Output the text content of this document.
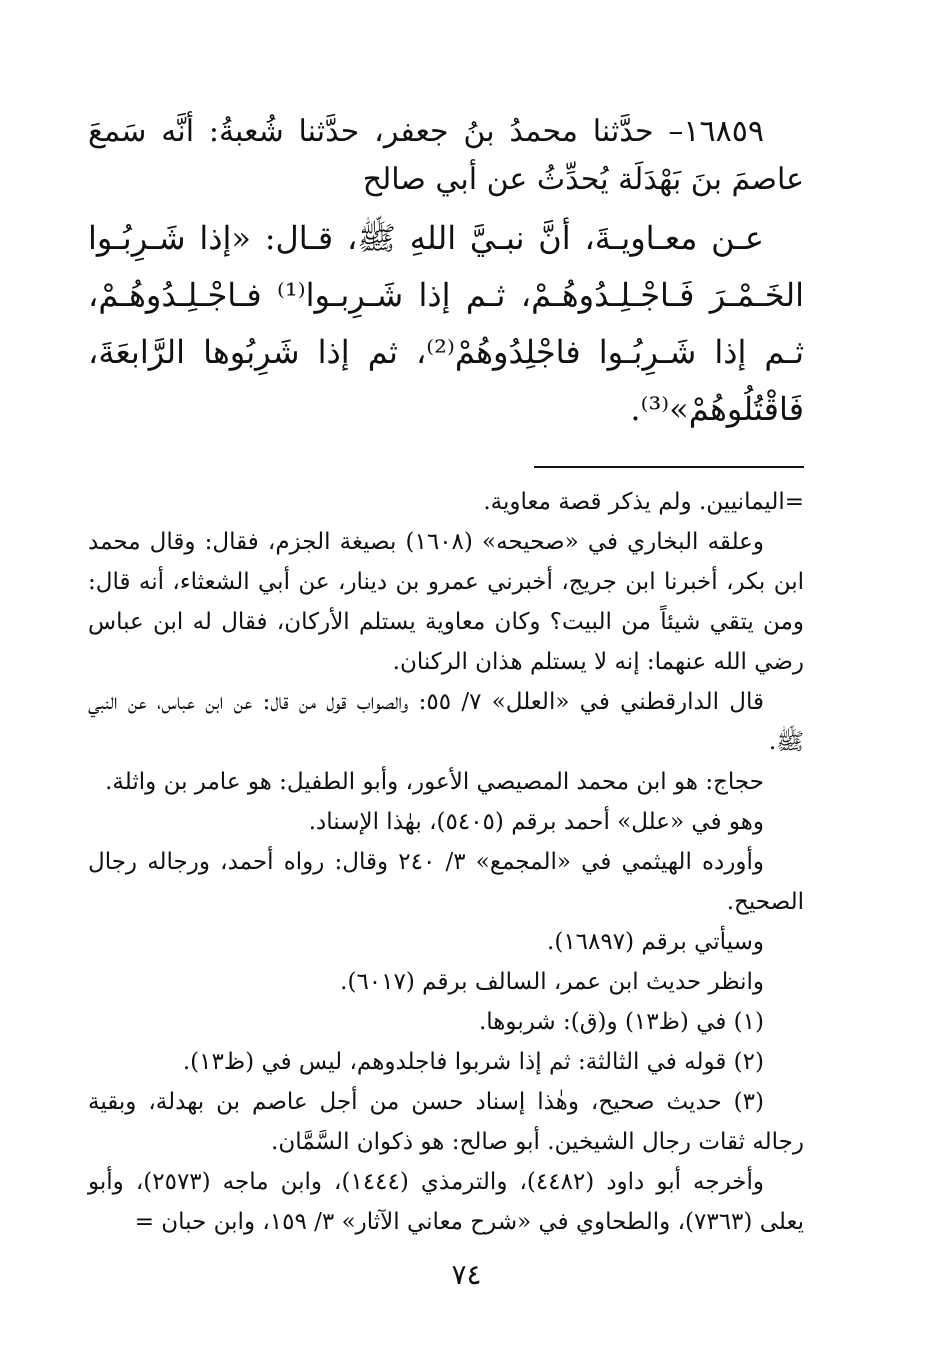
١٦٨٥٩– حدَّثنا محمدُ بنُ جعفر، حدَّثنا شُعبةُ: أنَّه سَمعَ عاصمَ بنَ بَهْدَلَة يُحدِّثُ عن أبي صالح

عـن معـاويـةَ، أنَّ نبـيَّ اللهِ ﷺ، قـال: «إذا شَـرِبُـوا الخَـمْـرَ فَـاجْـلِـدُوهُـمْ، ثـم إذا شَـرِبـوا⁽¹⁾ فـاجْـلِـدُوهُـمْ، ثـم إذا شَـرِبُـوا فاجْلِدُوهُمْ⁽²⁾، ثم إذا شَرِبُوها الرَّابعَةَ، فَاقْتُلُوهُمْ»⁽³⁾.

=اليمانيين. ولم يذكر قصة معاوية.

وعلقه البخاري في «صحيحه» (١٦٠٨) بصيغة الجزم، فقال: وقال محمد ابن بكر، أخبرنا ابن جريج، أخبرني عمرو بن دينار، عن أبي الشعثاء، أنه قال: ومن يتقي شيئاً من البيت؟ وكان معاوية يستلم الأركان، فقال له ابن عباس رضي الله عنهما: إنه لا يستلم هذان الركنان.

قال الدارقطني في «العلل» ٧/ ٥٥: والصواب قول من قال: عن ابن عباس، عن النبي ﷺ.

حجاج: هو ابن محمد المصيصي الأعور، وأبو الطفيل: هو عامر بن واثلة.

وهو في «علل» أحمد برقم (٥٤٠٥)، بهٰذا الإسناد.

وأورده الهيثمي في «المجمع» ٣/ ٢٤٠ وقال: رواه أحمد، ورجاله رجال الصحيح.

وسيأتي برقم (١٦٨٩٧).

وانظر حديث ابن عمر، السالف برقم (٦٠١٧).

(١) في (ظ١٣) و(ق): شربوها.

(٢) قوله في الثالثة: ثم إذا شربوا فاجلدوهم، ليس في (ظ١٣).

(٣) حديث صحيح، وهٰذا إسناد حسن من أجل عاصم بن بهدلة، وبقية رجاله ثقات رجال الشيخين. أبو صالح: هو ذكوان السَّمَّان.

وأخرجه أبو داود (٤٤٨٢)، والترمذي (١٤٤٤)، وابن ماجه (٢٥٧٣)، وأبو يعلى (٧٣٦٣)، والطحاوي في «شرح معاني الآثار» ٣/ ١٥٩، وابن حبان =

٧٤
